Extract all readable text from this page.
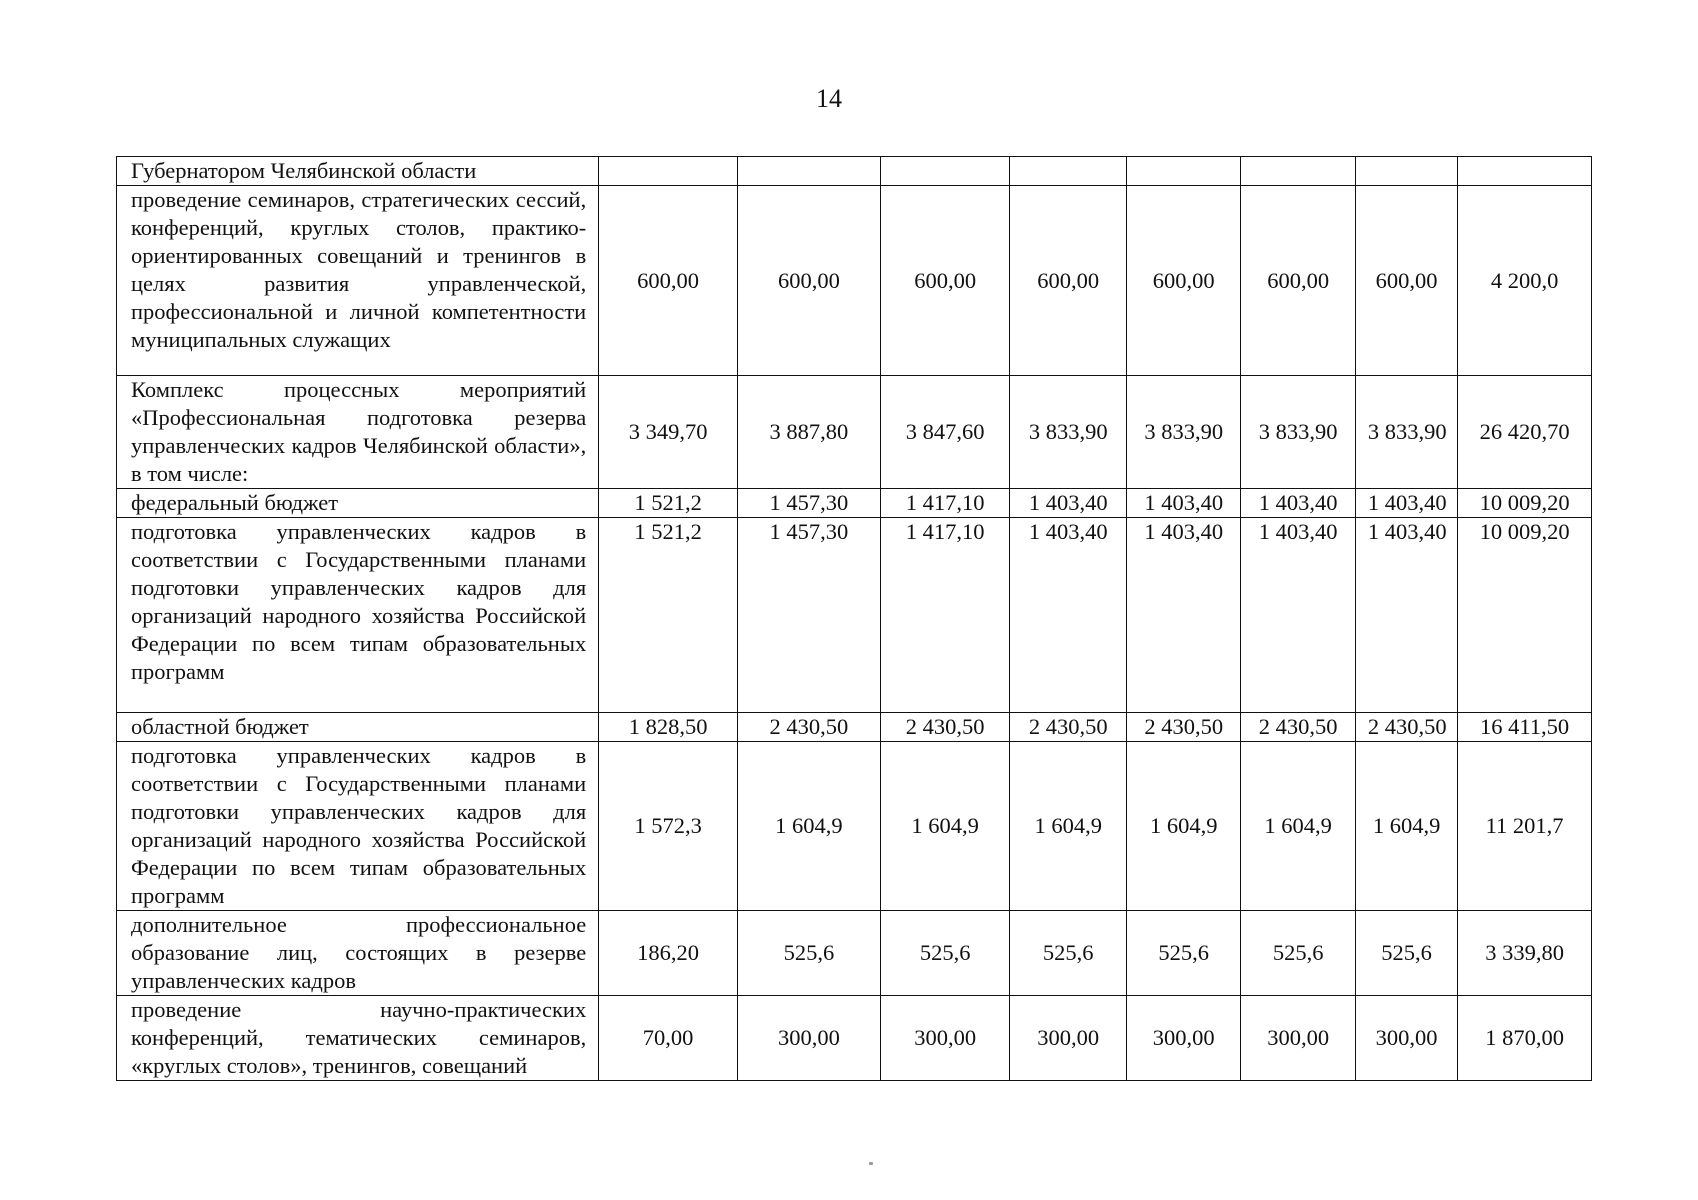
14
Губернатором Челябинской области								
проведение семинаров, стратегических сессий, конференций, круглых столов, практико-ориентированных совещаний и тренингов в целях развития управленческой, профессиональной и личной компетентности муниципальных служащих	600,00	600,00	600,00	600,00	600,00	600,00	600,00	4 200,0
Комплекс процессных мероприятий «Профессиональная подготовка резерва управленческих кадров Челябинской области», в том числе:	3 349,70	3 887,80	3 847,60	3 833,90	3 833,90	3 833,90	3 833,90	26 420,70
федеральный бюджет	1 521,2	1 457,30	1 417,10	1 403,40	1 403,40	1 403,40	1 403,40	10 009,20
подготовка управленческих кадров в соответствии с Государственными планами подготовки управленческих кадров для организаций народного хозяйства Российской Федерации по всем типам образовательных программ	1 521,2	1 457,30	1 417,10	1 403,40	1 403,40	1 403,40	1 403,40	10 009,20
областной бюджет	1 828,50	2 430,50	2 430,50	2 430,50	2 430,50	2 430,50	2 430,50	16 411,50
подготовка управленческих кадров в соответствии с Государственными планами подготовки управленческих кадров для организаций народного хозяйства Российской Федерации по всем типам образовательных программ	1 572,3	1 604,9	1 604,9	1 604,9	1 604,9	1 604,9	1 604,9	11 201,7
дополнительное профессиональное образование лиц, состоящих в резерве управленческих кадров	186,20	525,6	525,6	525,6	525,6	525,6	525,6	3 339,80
проведение научно-практических конференций, тематических семинаров, «круглых столов», тренингов, совещаний	70,00	300,00	300,00	300,00	300,00	300,00	300,00	1 870,00
